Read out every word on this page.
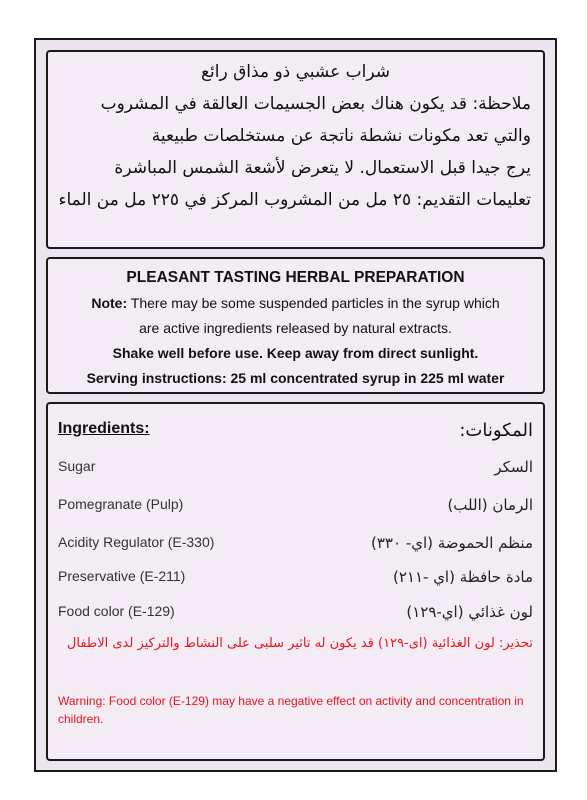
شراب عشبي ذو مذاق رائع
ملاحظة: قد يكون هناك بعض الجسيمات العالقة في المشروب
والتي تعد مكونات نشطة ناتجة عن مستخلصات طبيعية
يرج جيدا قبل الاستعمال. لا يتعرض لأشعة الشمس المباشرة
تعليمات التقديم: ٢٥ مل من المشروب المركز في ٢٢٥ مل من الماء
PLEASANT TASTING HERBAL PREPARATION
Note: There may be some suspended particles in the syrup which
are active ingredients released by natural extracts.
Shake well before use. Keep away from direct sunlight.
Serving instructions: 25 ml concentrated syrup in 225 ml water
Ingredients:	المكونات:
Sugar	السكر
Pomegranate (Pulp)	الرمان (اللب)
Acidity Regulator (E-330)	منظم الحموضة (اي- ٣٣٠)
Preservative (E-211)	مادة حافظة (اي -٢١١)
Food color (E-129)	لون غذائي (اي-١٢٩)
تحذير: لون الغذائية (اى-١٢٩) قد يكون له تاثير سلبى على النشاط والتركيز لدى الاطفال
Warning: Food color (E-129) may have a negative effect on activity and concentration in children.
